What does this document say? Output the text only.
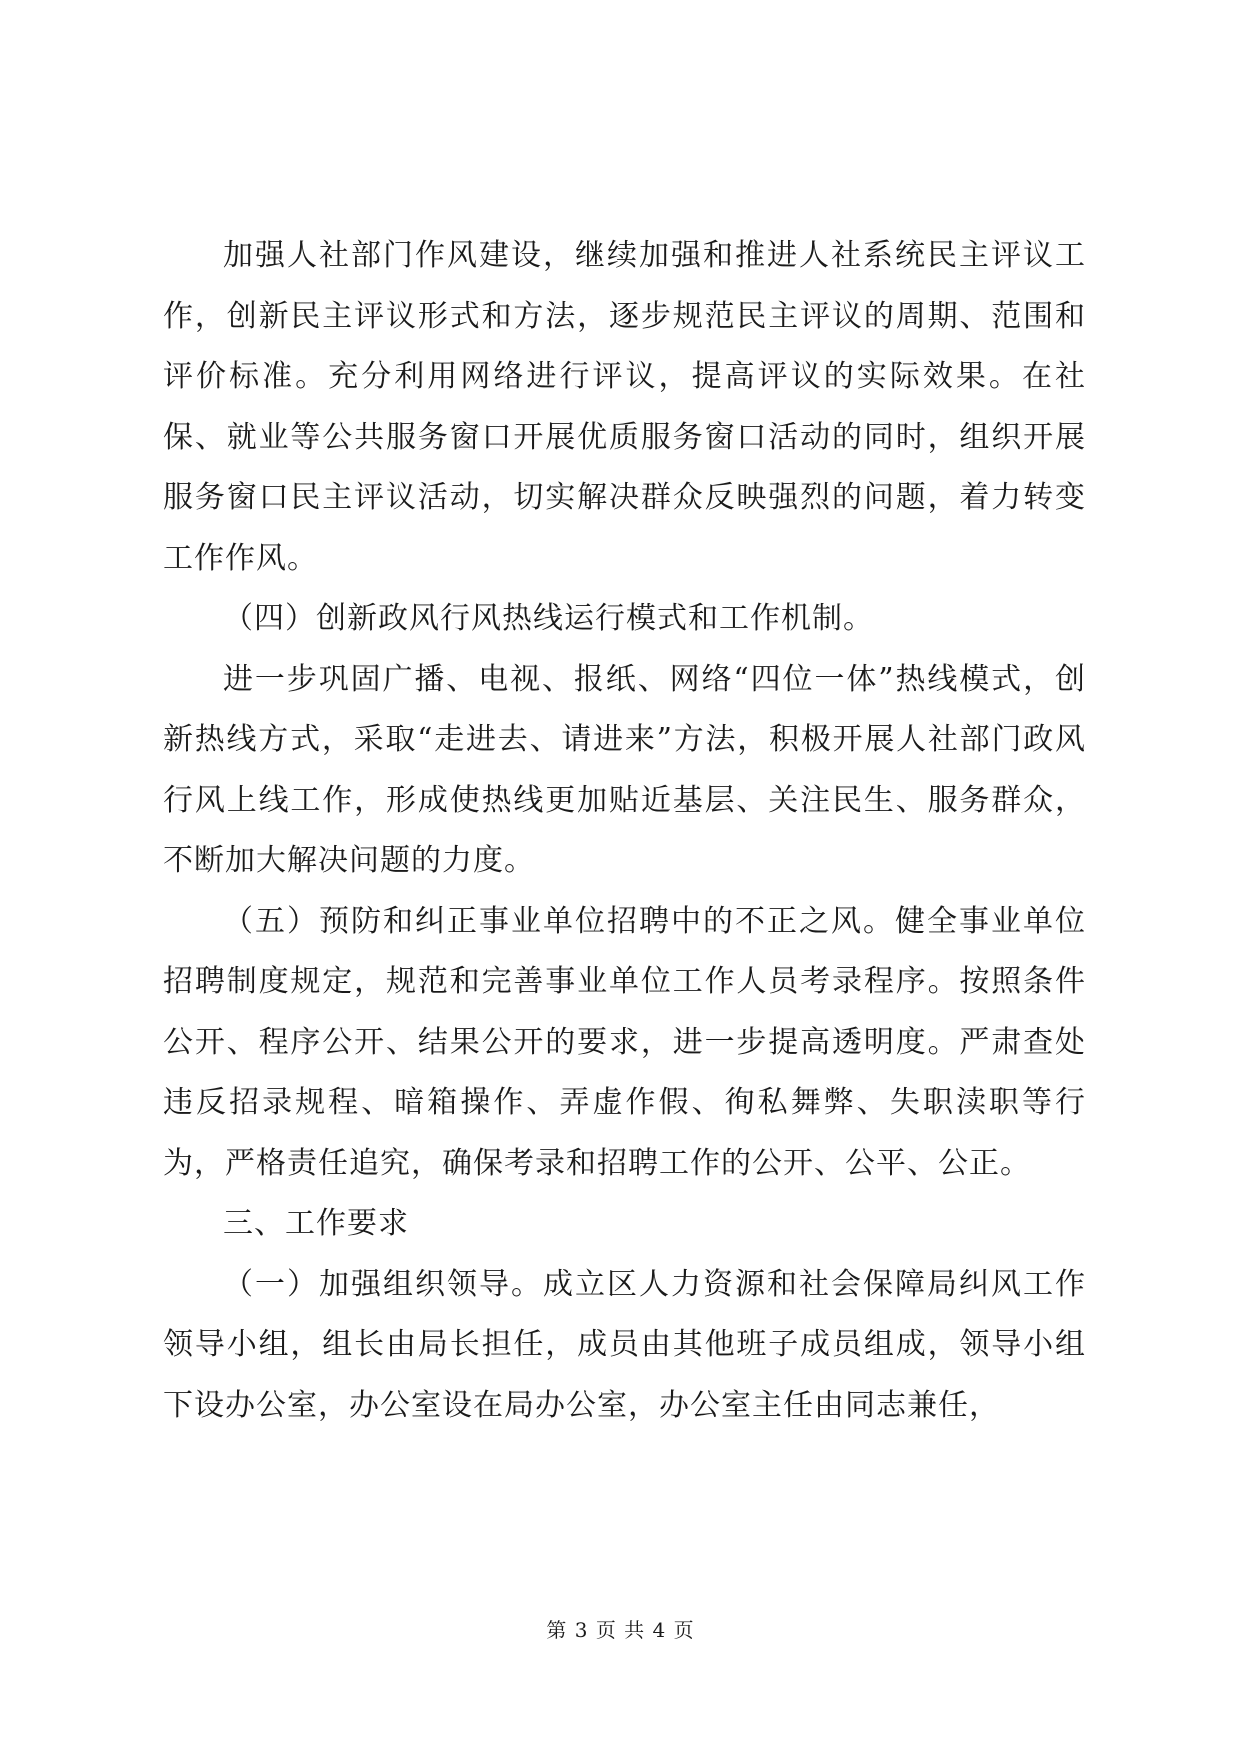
加强人社部门作风建设，继续加强和推进人社系统民主评议工作，创新民主评议形式和方法，逐步规范民主评议的周期、范围和评价标准。充分利用网络进行评议，提高评议的实际效果。在社保、就业等公共服务窗口开展优质服务窗口活动的同时，组织开展服务窗口民主评议活动，切实解决群众反映强烈的问题，着力转变工作作风。

（四）创新政风行风热线运行模式和工作机制。

进一步巩固广播、电视、报纸、网络“四位一体”热线模式，创新热线方式，采取“走进去、请进来”方法，积极开展人社部门政风行风上线工作，形成使热线更加贴近基层、关注民生、服务群众，不断加大解决问题的力度。

（五）预防和纠正事业单位招聘中的不正之风。健全事业单位招聘制度规定，规范和完善事业单位工作人员考录程序。按照条件公开、程序公开、结果公开的要求，进一步提高透明度。严肃查处违反招录规程、暗箱操作、弄虚作假、徇私舞弊、失职渎职等行为，严格责任追究，确保考录和招聘工作的公开、公平、公正。

三、工作要求

（一）加强组织领导。成立区人力资源和社会保障局纠风工作领导小组，组长由局长担任，成员由其他班子成员组成，领导小组下设办公室，办公室设在局办公室，办公室主任由同志兼任，

第 3 页 共 4 页
